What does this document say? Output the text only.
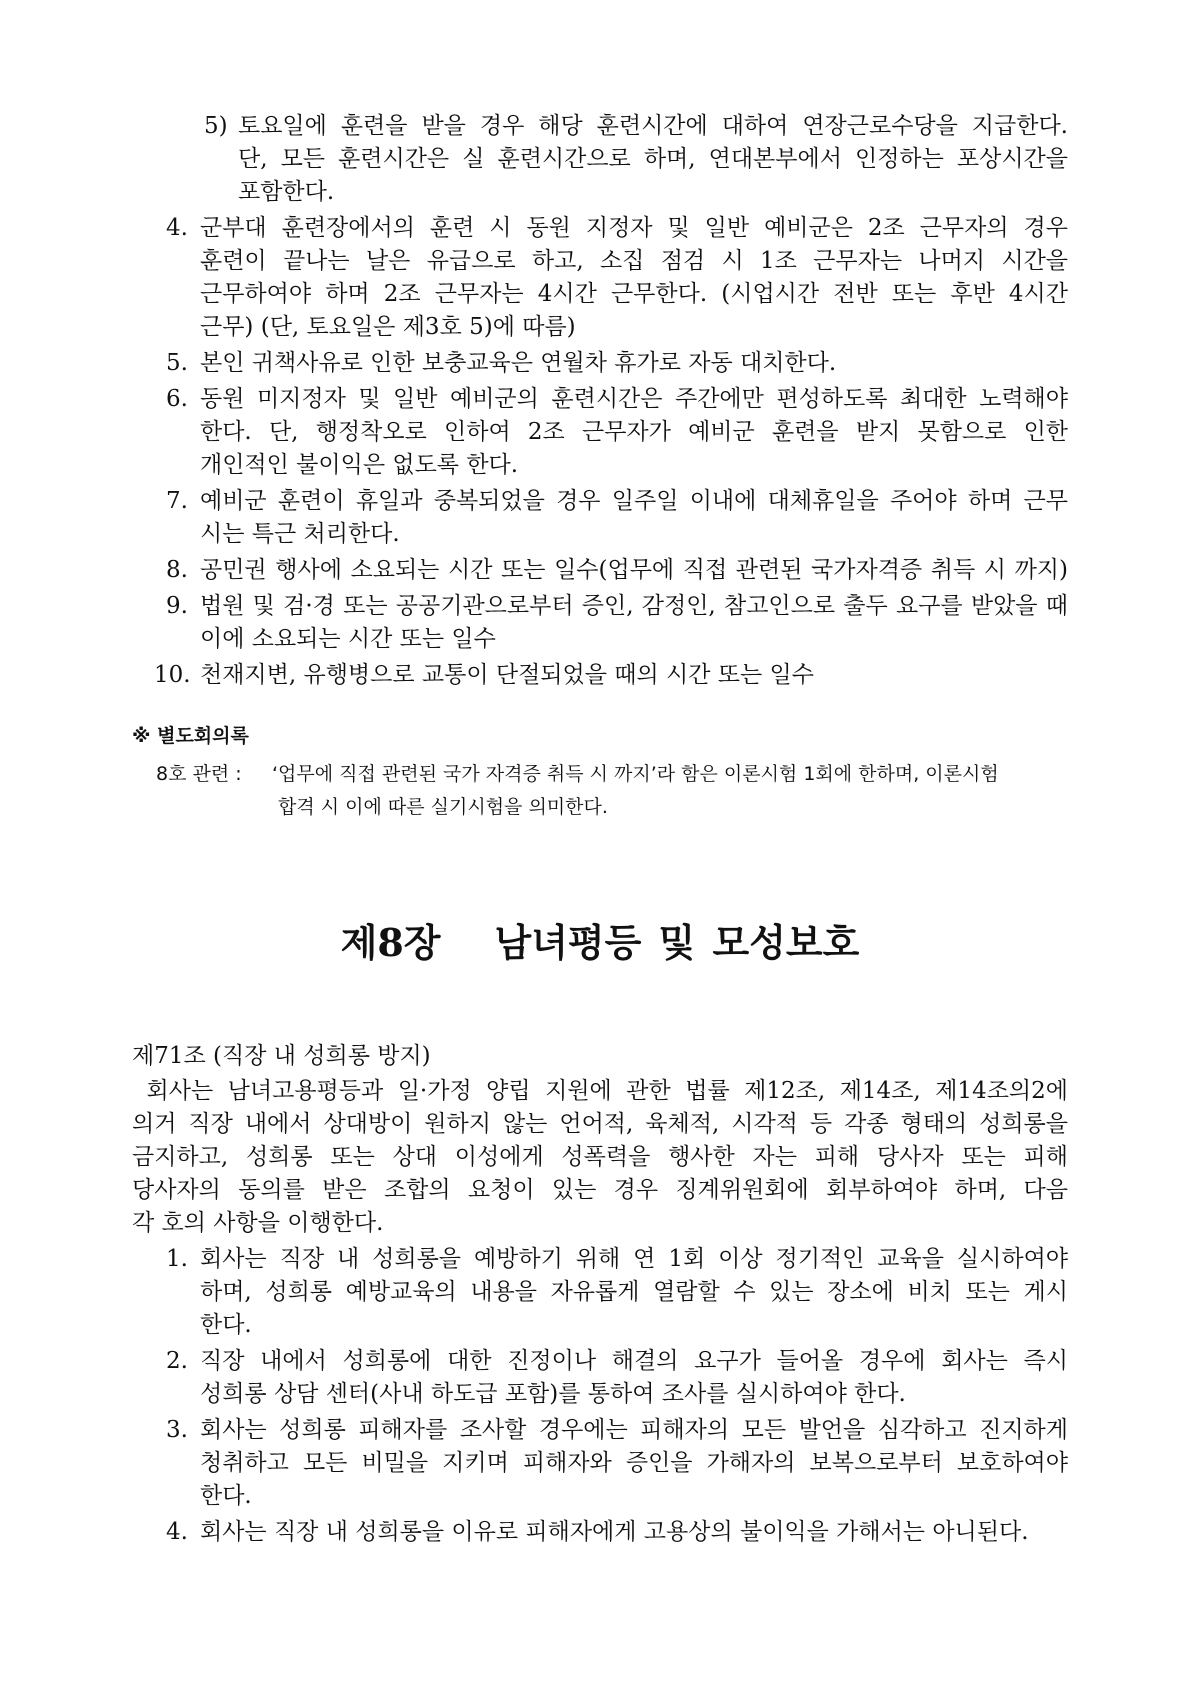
5) 토요일에 훈련을 받을 경우 해당 훈련시간에 대하여 연장근로수당을 지급한다.
단, 모든 훈련시간은 실 훈련시간으로 하며, 연대본부에서 인정하는 포상시간을
포함한다.
4. 군부대 훈련장에서의 훈련 시 동원 지정자 및 일반 예비군은 2조 근무자의 경우
훈련이 끝나는 날은 유급으로 하고, 소집 점검 시 1조 근무자는 나머지 시간을
근무하여야 하며 2조 근무자는 4시간 근무한다. (시업시간 전반 또는 후반 4시간
근무) (단, 토요일은 제3호 5)에 따름)
5. 본인 귀책사유로 인한 보충교육은 연월차 휴가로 자동 대치한다.
6. 동원 미지정자 및 일반 예비군의 훈련시간은 주간에만 편성하도록 최대한 노력해야
한다. 단, 행정착오로 인하여 2조 근무자가 예비군 훈련을 받지 못함으로 인한
개인적인 불이익은 없도록 한다.
7. 예비군 훈련이 휴일과 중복되었을 경우 일주일 이내에 대체휴일을 주어야 하며 근무
시는 특근 처리한다.
8. 공민권 행사에 소요되는 시간 또는 일수(업무에 직접 관련된 국가자격증 취득 시 까지)
9. 법원 및 검·경 또는 공공기관으로부터 증인, 감정인, 참고인으로 출두 요구를 받았을 때
이에 소요되는 시간 또는 일수
10. 천재지변, 유행병으로 교통이 단절되었을 때의 시간 또는 일수
※ 별도회의록
8호 관련 : ‘업무에 직접 관련된 국가 자격증 취득 시 까지’라 함은 이론시험 1회에 한하며, 이론시험
합격 시 이에 따른 실기시험을 의미한다.
제8장 남녀평등 및 모성보호
제71조 (직장 내 성희롱 방지)
회사는 남녀고용평등과 일·가정 양립 지원에 관한 법률 제12조, 제14조, 제14조의2에
의거 직장 내에서 상대방이 원하지 않는 언어적, 육체적, 시각적 등 각종 형태의 성희롱을
금지하고, 성희롱 또는 상대 이성에게 성폭력을 행사한 자는 피해 당사자 또는 피해
당사자의 동의를 받은 조합의 요청이 있는 경우 징계위원회에 회부하여야 하며, 다음
각 호의 사항을 이행한다.
1. 회사는 직장 내 성희롱을 예방하기 위해 연 1회 이상 정기적인 교육을 실시하여야
하며, 성희롱 예방교육의 내용을 자유롭게 열람할 수 있는 장소에 비치 또는 게시
한다.
2. 직장 내에서 성희롱에 대한 진정이나 해결의 요구가 들어올 경우에 회사는 즉시
성희롱 상담 센터(사내 하도급 포함)를 통하여 조사를 실시하여야 한다.
3. 회사는 성희롱 피해자를 조사할 경우에는 피해자의 모든 발언을 심각하고 진지하게
청취하고 모든 비밀을 지키며 피해자와 증인을 가해자의 보복으로부터 보호하여야
한다.
4. 회사는 직장 내 성희롱을 이유로 피해자에게 고용상의 불이익을 가해서는 아니된다.
